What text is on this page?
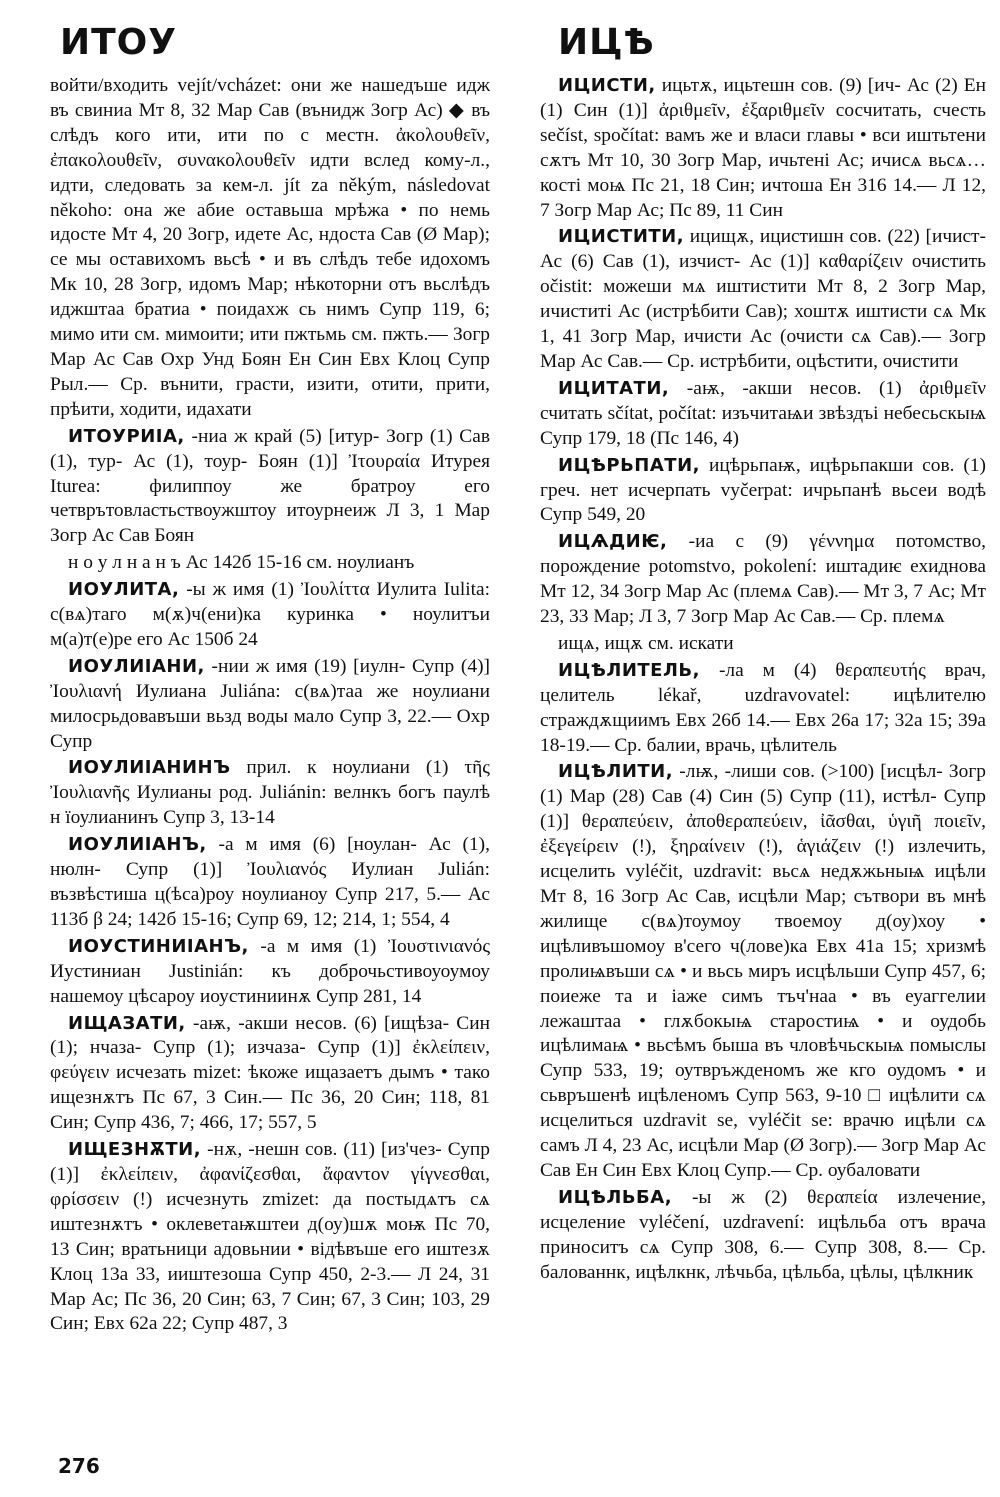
ИТОУ	ИЦѢ

войти/входить vejít/vcházet: они же нашедъше идж въ свиниа Мт 8, 32 Мар Сав (вънидж Зогр Ас) ◆ въ слѣдъ кого ити, ити по с местн. ἀκολουθεῖν, ἐπακολουθεῖν, συνακολουθεῖν идти вслед кому-л., идти, следовать за кем-л. jít za někým, následovat někoho: она же абие оставьша мрѣжа • по немь идосте Мт 4, 20 Зогр, идете Ас, ндоста Сав (Ø Мар); се мы оставихомъ вьсѣ • и въ слѣдъ тебе идохомъ Мк 10, 28 Зогр, идомъ Мар; нѣкоторни отъ вьслѣдъ иджштаа братиа • поидахж сь нимъ Супр 119, 6; мимо ити см. мимоити; ити пжтьмь см. пжть.— Зогр Мар Ас Сав Охр Унд Боян Ен Син Евх Клоц Супр Рыл.— Ср. вънити, грасти, изити, отити, прити, прѣити, ходити, идахати

ИТОУРИІА, -ниа ж край (5) [итур- Зогр (1) Сав (1), тур- Ас (1), тоур- Боян (1)] Ἰτουραία Итурея Iturea: филиппоу же братроу его четврътовластьствоужштоу итоурнеиж Л 3, 1 Мар Зогр Ас Сав Боян

н о у л н а н ъ Ас 142б 15-16 см. ноулианъ

ИОУЛИТА, -ы ж имя (1) Ἰουλίττα Иулита Iulita: с(вѧ)таго м(ѫ)ч(ени)ка куринка • ноулитъи м(а)т(е)ре его Ас 150б 24

ИОУЛИІАНИ, -нии ж имя (19) [иулн- Супр (4)] Ἰουλιανή Иулиана Juliána: с(вѧ)таа же ноулиани милосрьдовавъши вьзд воды мало Супр 3, 22.— Охр Супр

ИОУЛИІАНИНЪ прил. к ноулиани (1) τῆς Ἰουλιανῆς Иулианы род. Juliánin: велнкъ богъ паулѣ н їоулианинъ Супр 3, 13-14

ИОУЛИІАНЪ, -а м имя (6) [ноулан- Ас (1), нюлн- Супр (1)] Ἰουλιανός Иулиан Julián: възвѣстиша ц(ѣса)роу ноулианоу Супр 217, 5.— Ас 113б β 24; 142б 15-16; Супр 69, 12; 214, 1; 554, 4

ИОУСТИНИІАНЪ, -а м имя (1) Ἰουστινιανός Иустиниан Justinián: къ доброчьстивоуоумоу нашемоу цѣсароу иоустиниинѫ Супр 281, 14

ИЩАЗАТИ, -аѭ, -акши несов. (6) [ищѣза- Син (1); нчаза- Супр (1); изчаза- Супр (1)] ἐκλείπειν, φεύγειν исчезать mizet: ѣкоже ищазаетъ дымъ • тако ищезнѫтъ Пс 67, 3 Син.— Пс 36, 20 Син; 118, 81 Син; Супр 436, 7; 466, 17; 557, 5

ИЩЕЗНѪТИ, -нѫ, -нешн сов. (11) [из'чез- Супр (1)] ἐκλείπειν, ἀφανίζεσθαι, ἄφαντον γίγνεσθαι, φρίσσειν (!) исчезнуть zmizet: да постыдѧтъ сѧ иштезнѫтъ • оклеветаѭштеи д(оу)шѫ моѭ Пс 70, 13 Син; вратьници адовьнии • відѣвъше его иштезѫ Клоц 13а 33, ииштезоша Супр 450, 2-3.— Л 24, 31 Мар Ас; Пс 36, 20 Син; 63, 7 Син; 67, 3 Син; 103, 29 Син; Евх 62а 22; Супр 487, 3

ИЦИСТИ, ицьтѫ, ицьтешн сов. (9) [ич- Ас (2) Ен (1) Син (1)] ἀριθμεῖν, ἐξαριθμεῖν сосчитать, счесть sečíst, spočítat: вамъ же и власи главы • вси иштьтени сѫтъ Мт 10, 30 Зогр Мар, ичьтені Ас; ичисѧ вьсѧ… кості моѩ Пс 21, 18 Син; ичтоша Ен 316 14.— Л 12, 7 Зогр Мар Ас; Пс 89, 11 Син

ИЦИСТИТИ, ицищѫ, ицистишн сов. (22) [ичист- Ас (6) Сав (1), изчист- Ас (1)] καθαρίζειν очистить očistit: можеши мѧ иштистити Мт 8, 2 Зогр Мар, ичиститі Ас (истрѣбити Сав); хоштѫ иштисти сѧ Мк 1, 41 Зогр Мар, ичисти Ас (очисти сѧ Сав).— Зогр Мар Ас Сав.— Ср. истрѣбити, оцѣстити, очистити

ИЦИТАТИ, -аѭ, -акши несов. (1) ἀριθμεῖν считать sčítat, počítat: изъчитаѩи звѣздъі небесьскыѩ Супр 179, 18 (Пс 146, 4)

ИЦѢРЬПАТИ, ицѣрьпаѭ, ицѣрьпакши сов. (1) греч. нет исчерпать vyčerpat: ичрьпанѣ вьсеи водѣ Супр 549, 20

ИЦѦДИѤ, -иа с (9) γέννημα потомство, порождение potomstvo, pokolení: иштадиѥ ехиднова Мт 12, 34 Зогр Мар Ас (племѧ Сав).— Мт 3, 7 Ас; Мт 23, 33 Мар; Л 3, 7 Зогр Мар Ас Сав.— Ср. племѧ

ищѧ, ищѫ см. искати

ИЦѢЛИТЕЛЬ, -ла м (4) θεραπευτής врач, целитель lékař, uzdravovatel: ицѣлителю страждѫщиимъ Евх 26б 14.— Евх 26а 17; 32а 15; 39а 18-19.— Ср. балии, врачь, цѣлитель

ИЦѢЛИТИ, -лѭ, -лиши сов. (>100) [исцѣл- Зогр (1) Мар (28) Сав (4) Син (5) Супр (11), истѣл- Супр (1)] θεραπεύειν, ἀποθεραπεύειν, ἰᾶσθαι, ὑγιῆ ποιεῖν, ἐξεγείρειν (!), ξηραίνειν (!), ἁγιάζειν (!) излечить, исцелить vyléčit, uzdravit: вьсѧ недѫжьныѩ ицѣли Мт 8, 16 Зогр Ас Сав, исцѣли Мар; сътвори въ мнѣ жилище с(вѧ)тоумоу твоемоу д(оу)хоу • ицѣливъшомоу в'сего ч(лове)ка Евх 41а 15; хризмѣ пролиѩвъши сѧ • и вьсь миръ исцѣльши Супр 457, 6; поиеже та и іаже симъ тъч'наа • въ еуаггелии лежаштаа • глѫбокыѩ старостиѩ • и оудобь ицѣлимаѩ • вьсѣмъ быша въ чловѣчьскыѩ помыслы Супр 533, 19; оутвръжденомъ же кго оудомъ • и сьвръшенѣ ицѣленомъ Супр 563, 9-10 □ ицѣлити сѧ исцелиться uzdravit se, vyléčit se: врачю ицѣли сѧ самъ Л 4, 23 Ас, исцѣли Мар (Ø Зогр).— Зогр Мар Ас Сав Ен Син Евх Клоц Супр.— Ср. оубаловати

ИЦѢЛЬБА, -ы ж (2) θεραπεία излечение, исцеление vyléčení, uzdravení: ицѣльба отъ врача приноситъ сѧ Супр 308, 6.— Супр 308, 8.— Ср. балованнк, ицѣлкнк, лѣчьба, цѣльба, цѣлы, цѣлкник

276
